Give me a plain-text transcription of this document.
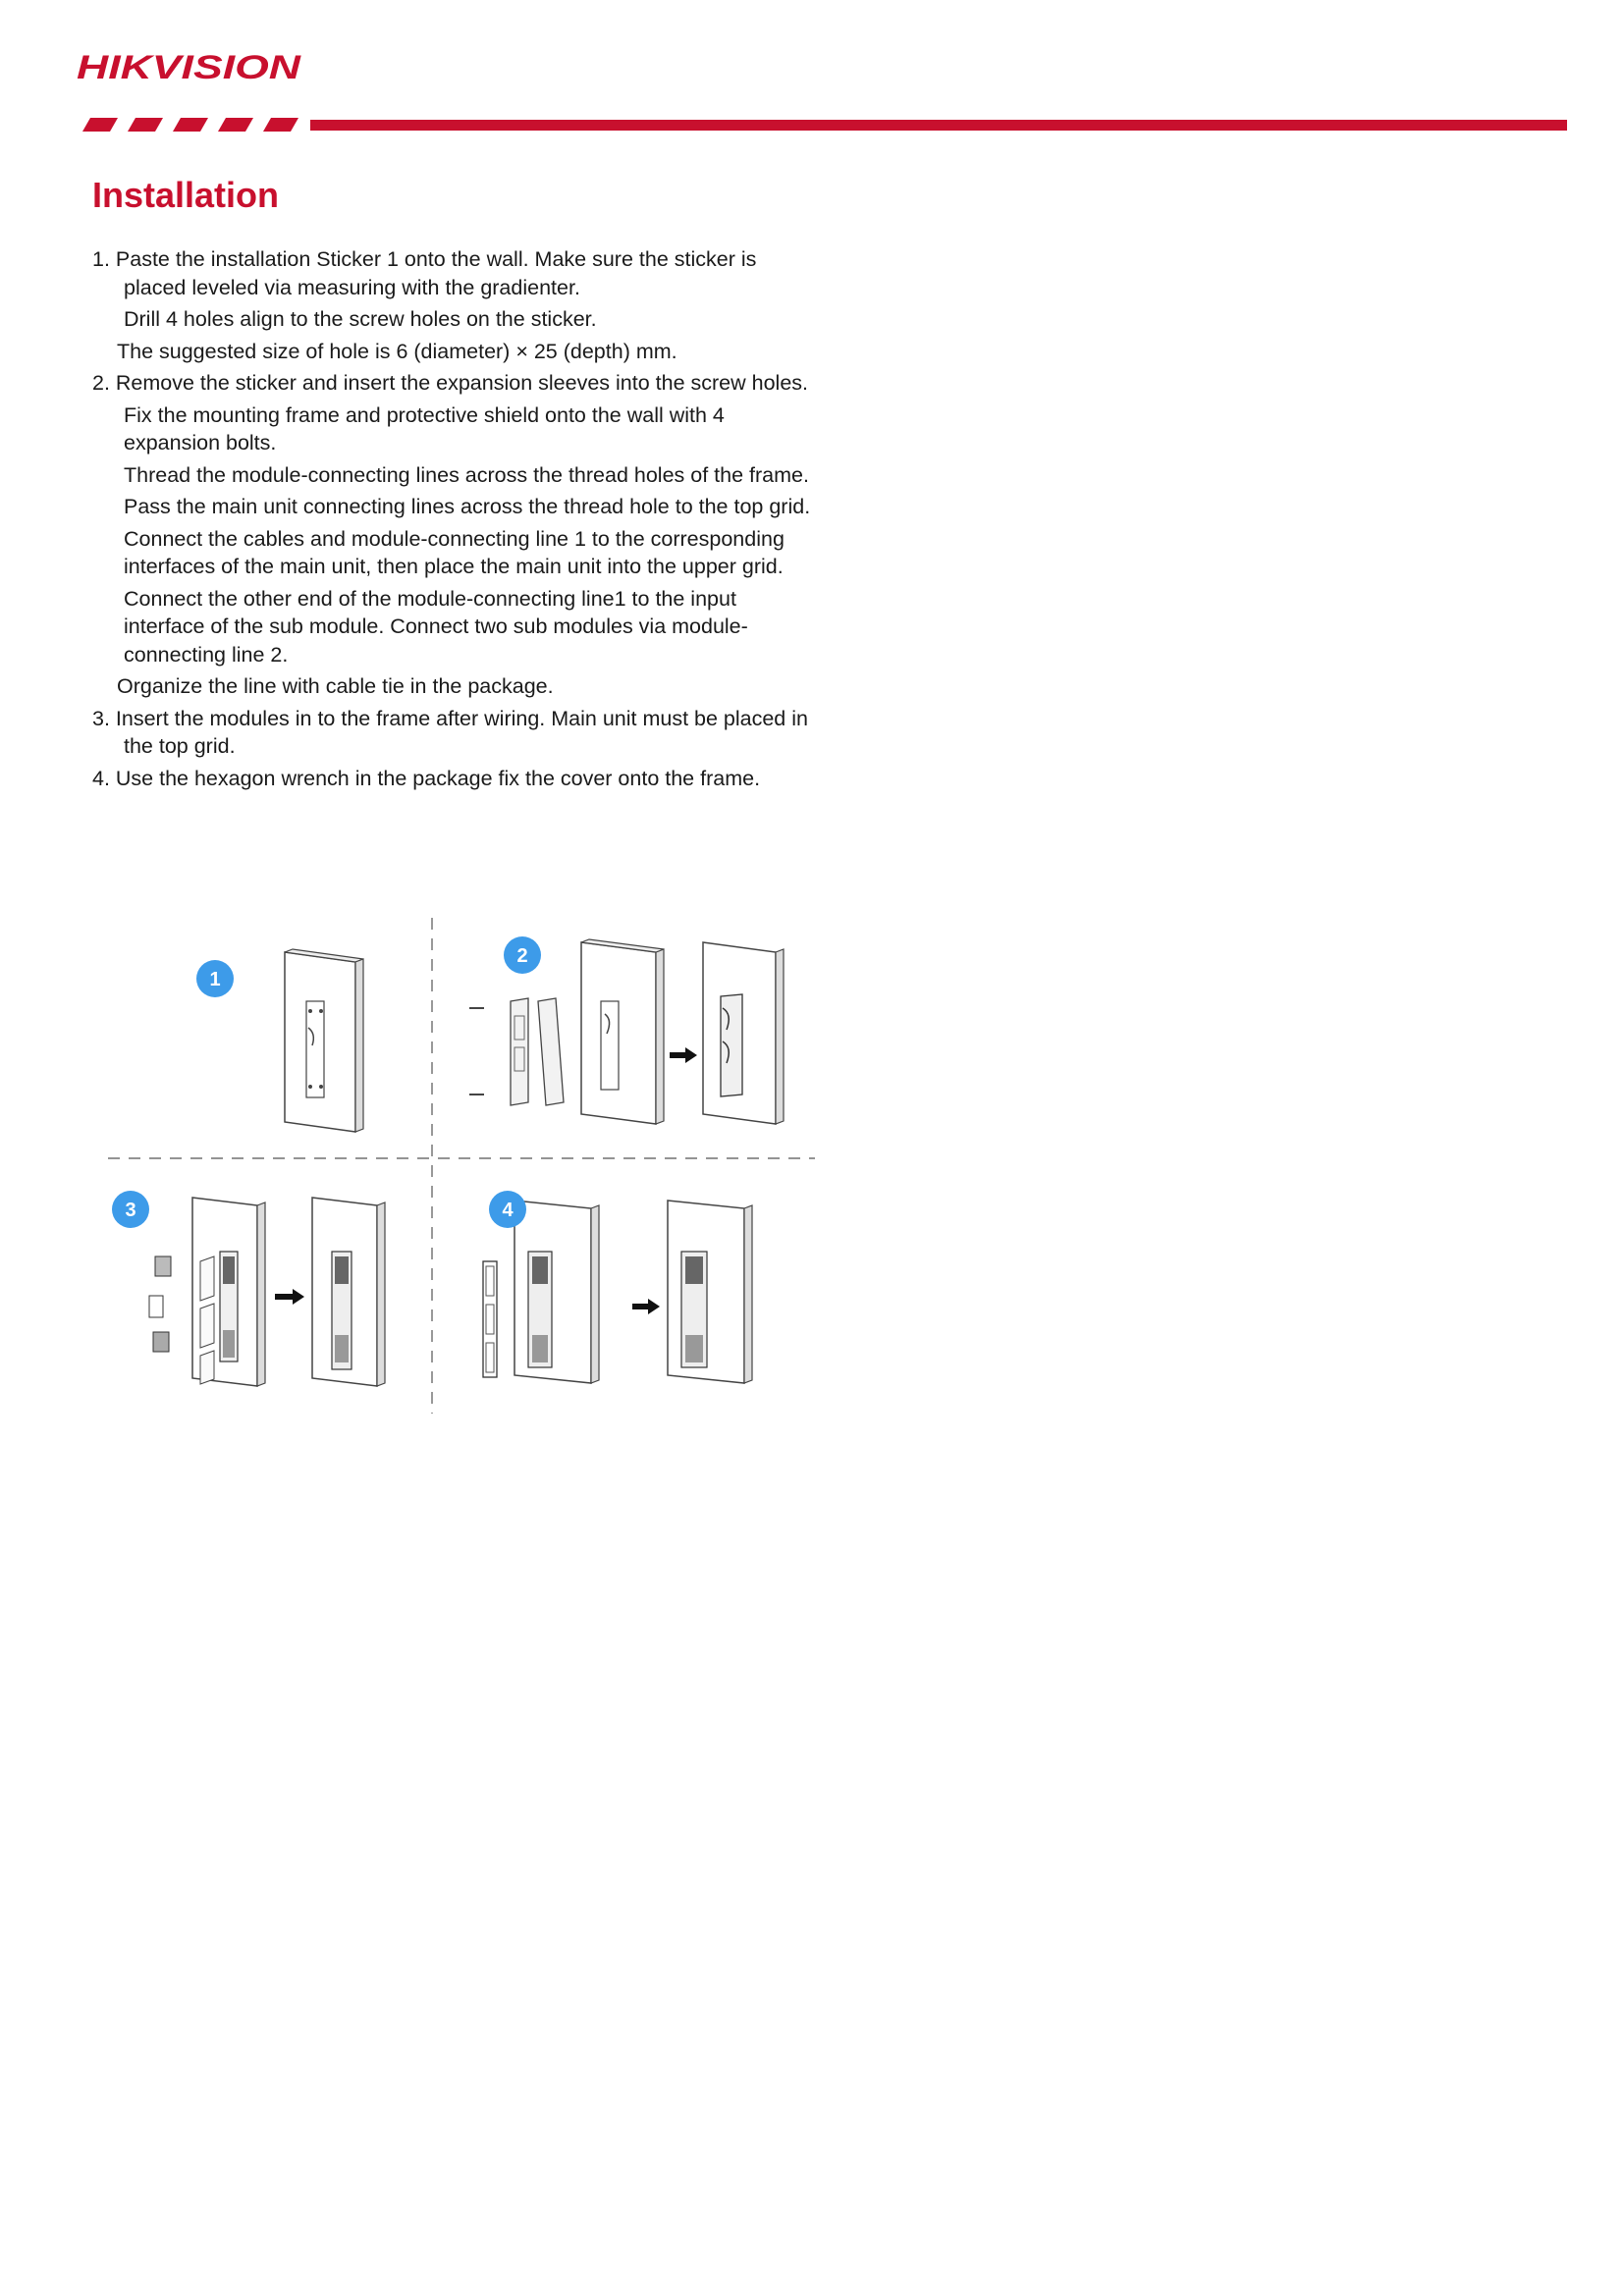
HIKVISION
Installation

1. Paste the installation Sticker 1 onto the wall. Make sure the sticker is placed leveled via measuring with the gradienter.

Drill 4 holes align to the screw holes on the sticker.

The suggested size of hole is 6 (diameter) × 25 (depth) mm.

2. Remove the sticker and insert the expansion sleeves into the screw holes.

Fix the mounting frame and protective shield onto the wall with 4 expansion bolts.

Thread the module-connecting lines across the thread holes of the frame.

Pass the main unit connecting lines across the thread hole to the top grid.

Connect the cables and module-connecting line 1 to the corresponding interfaces of the main unit, then place the main unit into the upper grid.

Connect the other end of the module-connecting line1 to the input interface of the sub module. Connect two sub modules via module-connecting line 2.

Organize the line with cable tie in the package.

3. Insert the modules in to the frame after wiring. Main unit must be placed in the top grid.

4. Use the hexagon wrench in the package fix the cover onto the frame.

1
2
3	4
